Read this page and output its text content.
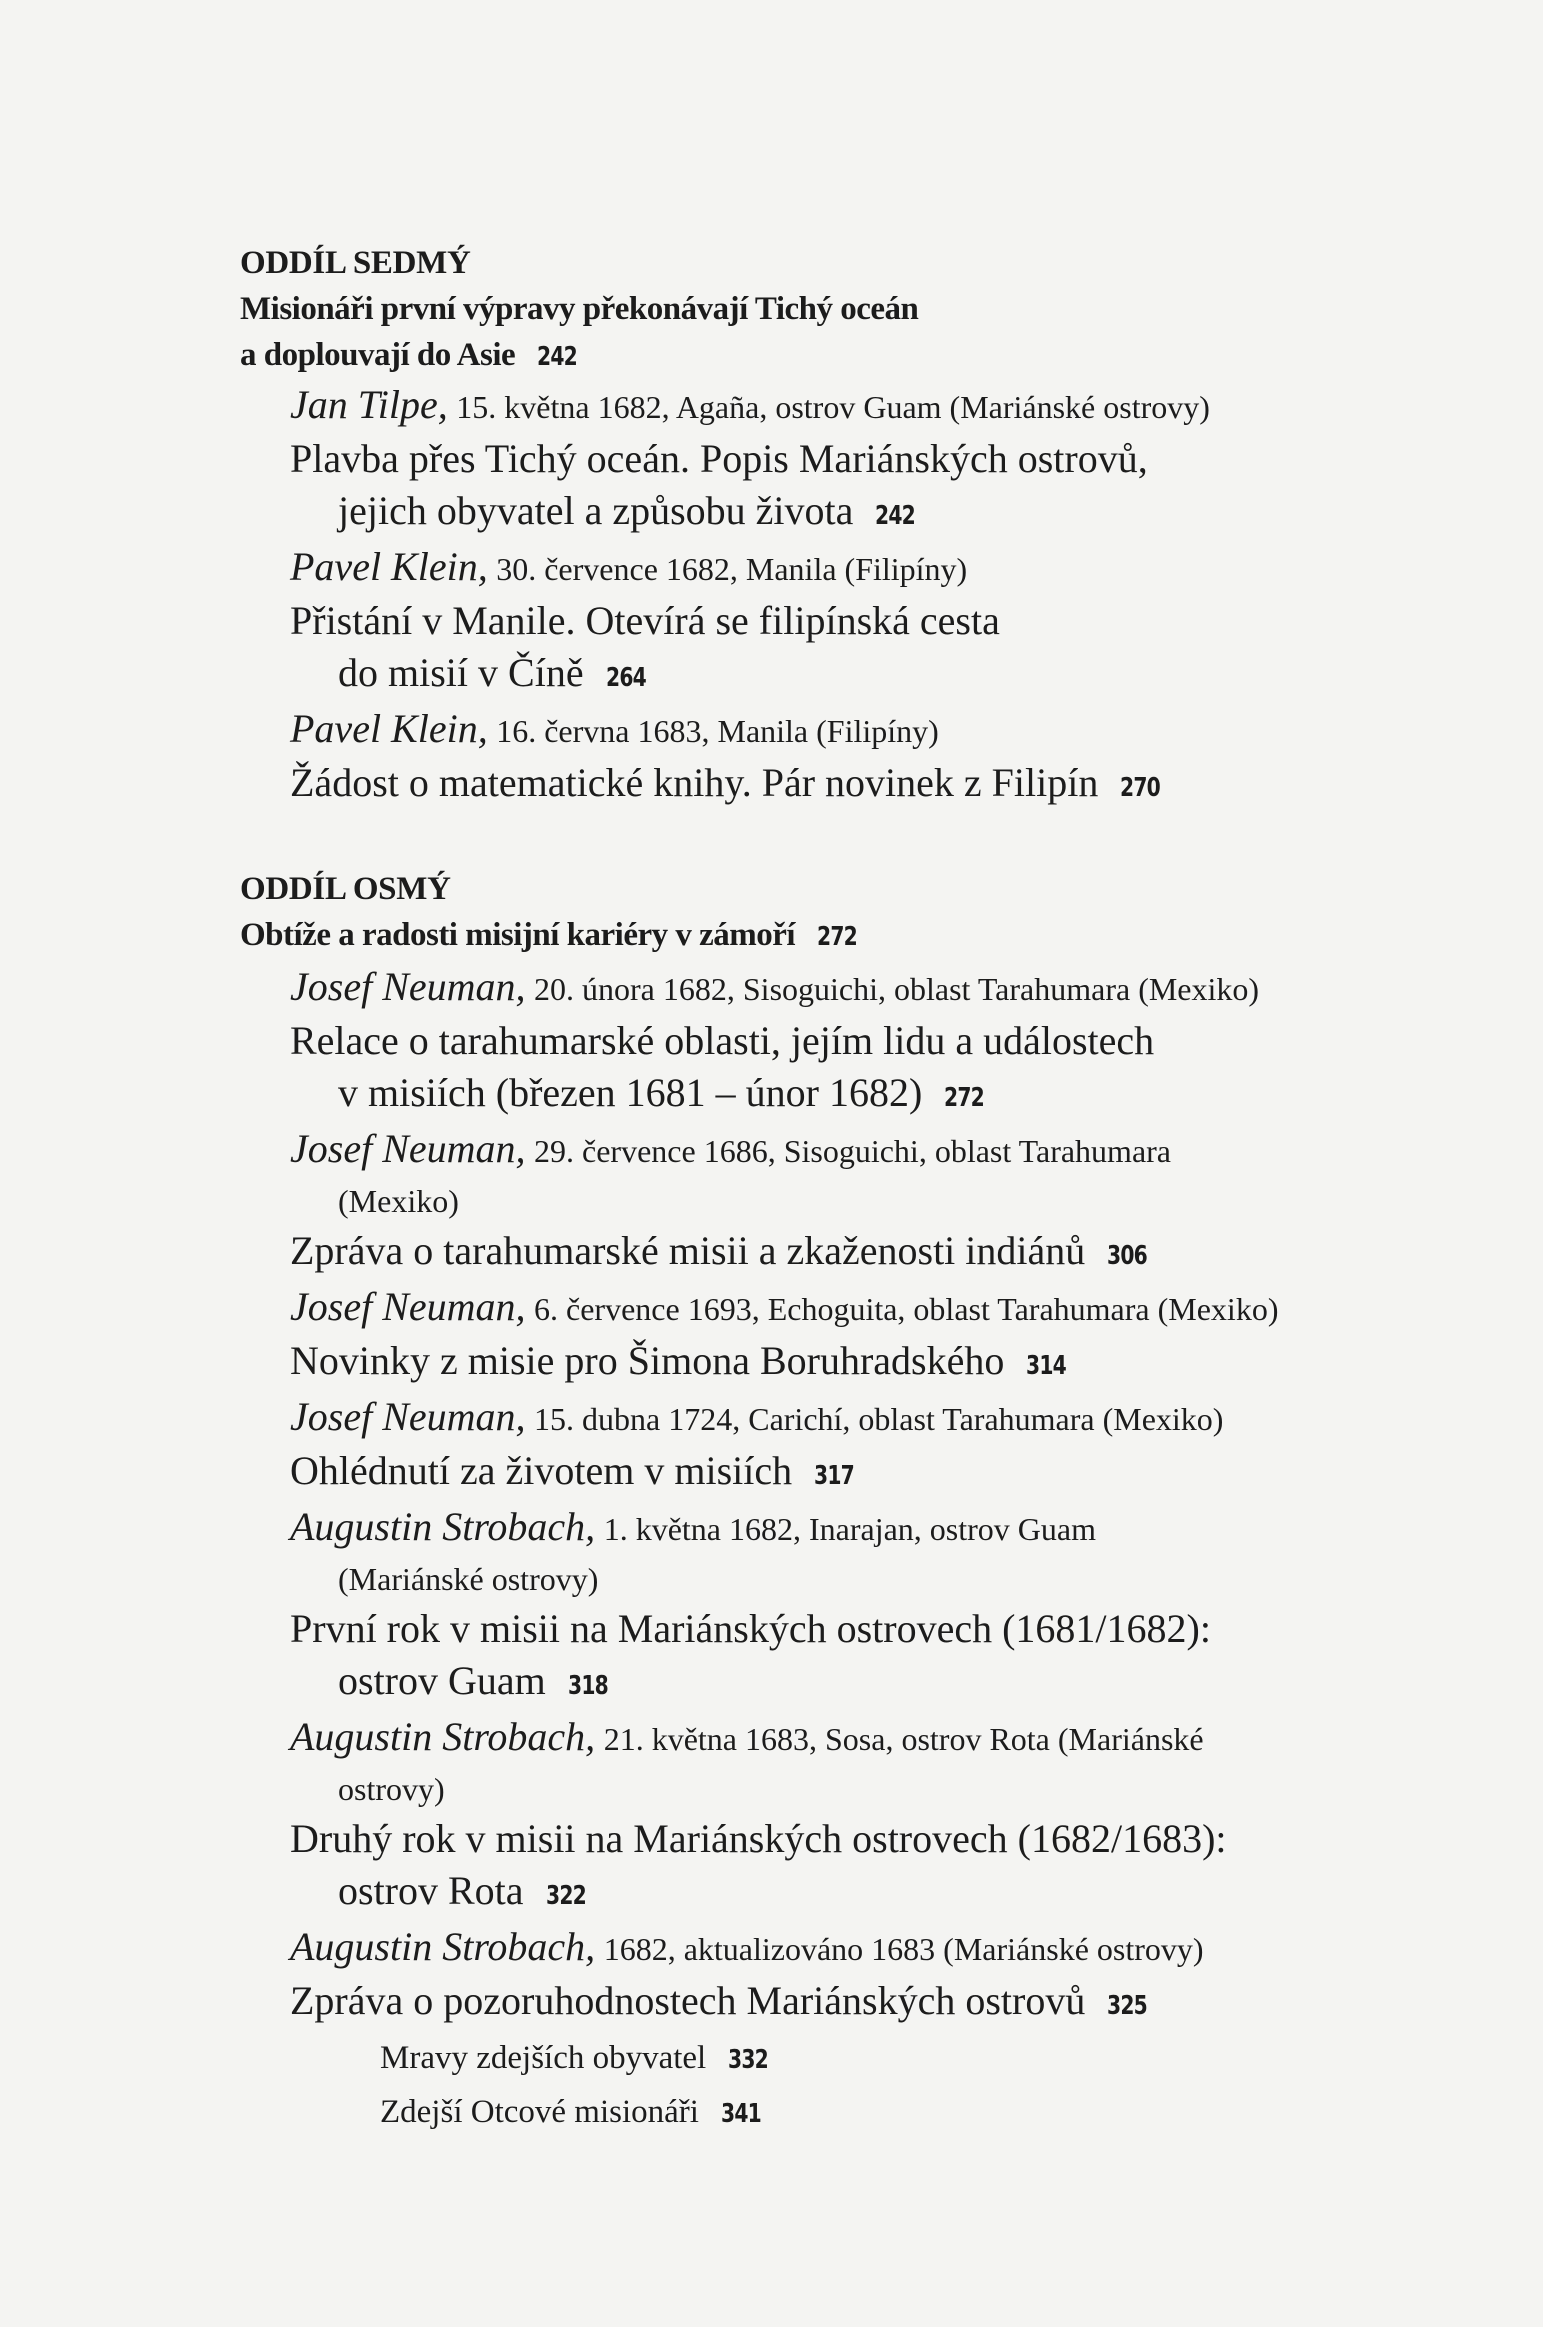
ODDÍL SEDMÝ

Misionáři první výpravy překonávají Tichý oceán

a doplouvají do Asie 242

Jan Tilpe, 15. května 1682, Agaña, ostrov Guam (Mariánské ostrovy)
Plavba přes Tichý oceán. Popis Mariánských ostrovů,
jejich obyvatel a způsobu života 242
Pavel Klein, 30. července 1682, Manila (Filipíny)
Přistání v Manile. Otevírá se filipínská cesta
do misií v Číně 264
Pavel Klein, 16. června 1683, Manila (Filipíny)
Žádost o matematické knihy. Pár novinek z Filipín 270

ODDÍL OSMÝ

Obtíže a radosti misijní kariéry v zámoří 272

Josef Neuman, 20. února 1682, Sisoguichi, oblast Tarahumara (Mexiko)
Relace o tarahumarské oblasti, jejím lidu a událostech
v misiích (březen 1681 – únor 1682) 272
Josef Neuman, 29. července 1686, Sisoguichi, oblast Tarahumara
(Mexiko)
Zpráva o tarahumarské misii a zkaženosti indiánů 306
Josef Neuman, 6. července 1693, Echoguita, oblast Tarahumara (Mexiko)
Novinky z misie pro Šimona Boruhradského 314
Josef Neuman, 15. dubna 1724, Carichí, oblast Tarahumara (Mexiko)
Ohlédnutí za životem v misiích 317
Augustin Strobach, 1. května 1682, Inarajan, ostrov Guam
(Mariánské ostrovy)
První rok v misii na Mariánských ostrovech (1681/1682):
ostrov Guam 318
Augustin Strobach, 21. května 1683, Sosa, ostrov Rota (Mariánské
ostrovy)
Druhý rok v misii na Mariánských ostrovech (1682/1683):
ostrov Rota 322
Augustin Strobach, 1682, aktualizováno 1683 (Mariánské ostrovy)
Zpráva o pozoruhodnostech Mariánských ostrovů 325
Mravy zdejších obyvatel 332
Zdejší Otcové misionáři 341
